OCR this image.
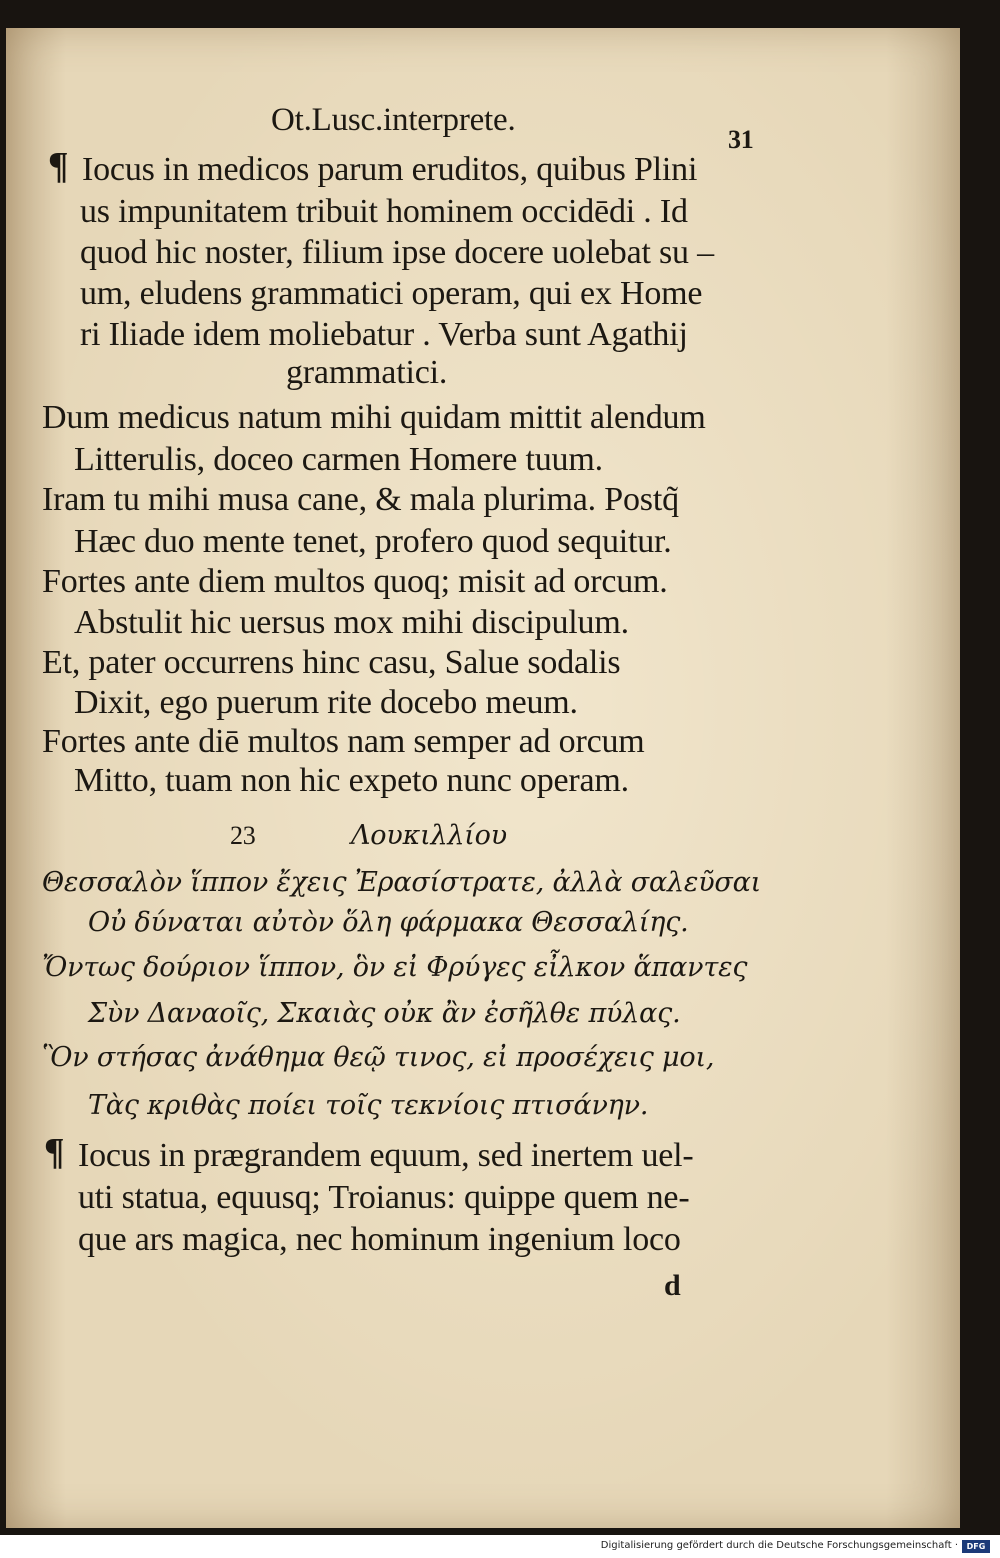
Ot.Lusc.interprete.
31
¶ Iocus in medicos parum eruditos, quibus Plini
us impunitatem tribuit hominem occidēdi . Id
quod hic noster, filium ipse docere uolebat su –
um, eludens grammatici operam, qui ex Home
ri Iliade idem moliebatur . Verba sunt Agathij
grammatici.
Dum medicus natum mihi quidam mittit alendum
Litterulis, doceo carmen Homere tuum.
Iram tu mihi musa cane, & mala plurima. Postq̃
Hæc duo mente tenet, profero quod sequitur.
Fortes ante diem multos quoq; misit ad orcum.
Abstulit hic uersus mox mihi discipulum.
Et, pater occurrens hinc casu, Salue sodalis
Dixit, ego puerum rite docebo meum.
Fortes ante diē multos nam semper ad orcum
Mitto, tuam non hic expeto nunc operam.
23	Λουκιλλίου
Θεσσαλὸν ἵππον ἔχεις Ἐρασίστρατε, ἀλλὰ σαλεῦσαι
Οὐ δύναται αὐτὸν ὅλη φάρμακα Θεσσαλίης.
Ὄντως δούριον ἵππον, ὃν εἰ Φρύγες εἶλκον ἅπαντες
Σὺν Δαναοῖς, Σκαιὰς οὐκ ἂν ἐσῆλθε πύλας.
Ὃν στήσας ἀνάθημα θεῷ τινος, εἰ προσέχεις μοι,
Τὰς κριθὰς ποίει τοῖς τεκνίοις πτισάνην.
¶ Iocus in prægrandem equum, sed inertem uel-
uti statua, equusq; Troianus: quippe quem ne-
que ars magica, nec hominum ingenium loco
d
Digitalisierung gefördert durch die Deutsche Forschungsgemeinschaft ·	DFG
